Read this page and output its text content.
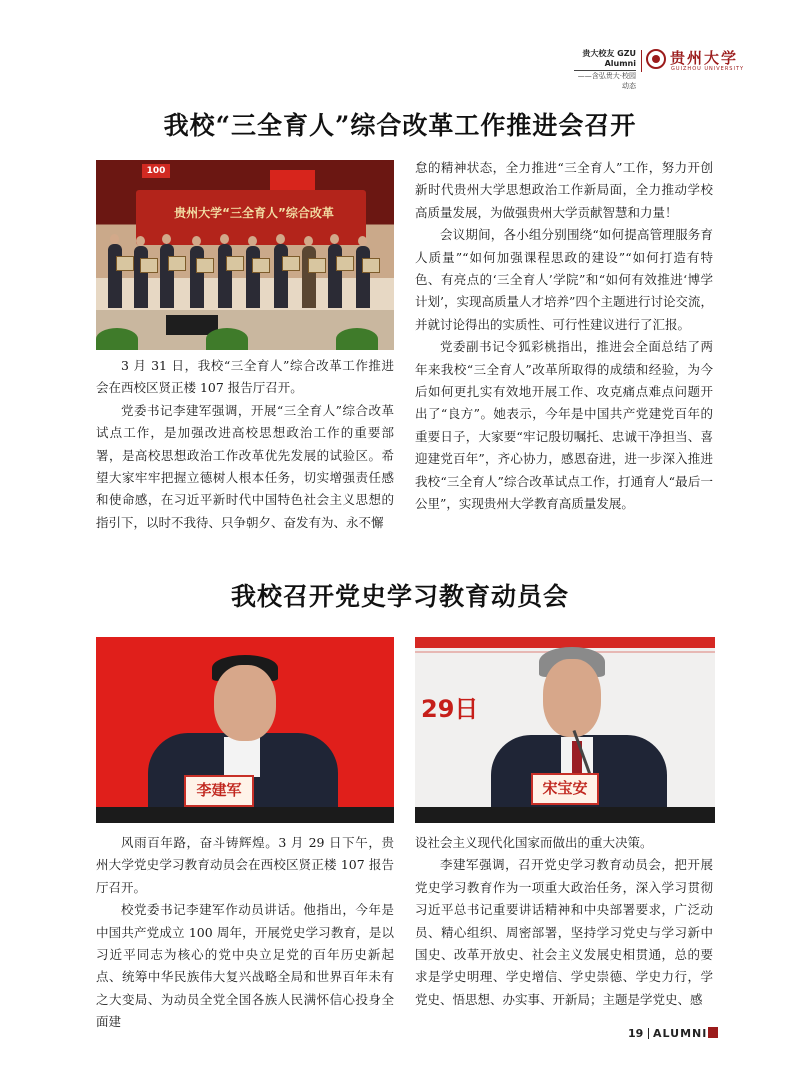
贵大校友 GZU Alumni
——含弘贵大·校园动态
贵州大学
GUIZHOU UNIVERSITY
我校“三全育人”综合改革工作推进会召开
100
贵州大学“三全育人”综合改革

3 月 31 日，我校“三全育人”综合改革工作推进会在西校区贤正楼 107 报告厅召开。

党委书记李建军强调，开展“三全育人”综合改革试点工作，是加强改进高校思想政治工作的重要部署，是高校思想政治工作改革优先发展的试验区。希望大家牢牢把握立德树人根本任务，切实增强责任感和使命感，在习近平新时代中国特色社会主义思想的指引下，以时不我待、只争朝夕、奋发有为、永不懈

怠的精神状态，全力推进“三全育人”工作，努力开创新时代贵州大学思想政治工作新局面，全力推动学校高质量发展，为做强贵州大学贡献智慧和力量！

会议期间，各小组分别围绕“如何提高管理服务育人质量”“如何加强课程思政的建设”“如何打造有特色、有亮点的‘三全育人’学院”和“如何有效推进‘博学计划’，实现高质量人才培养”四个主题进行讨论交流，并就讨论得出的实质性、可行性建议进行了汇报。

党委副书记令狐彩桃指出，推进会全面总结了两年来我校“三全育人”改革所取得的成绩和经验，为今后如何更扎实有效地开展工作、攻克痛点难点问题开出了“良方”。她表示，今年是中国共产党建党百年的重要日子，大家要“牢记殷切嘱托、忠诚干净担当、喜迎建党百年”，齐心协力，感恩奋进，进一步深入推进我校“三全育人”综合改革试点工作，打通育人“最后一公里”，实现贵州大学教育高质量发展。

我校召开党史学习教育动员会
李建军
29日
宋宝安

风雨百年路，奋斗铸辉煌。3 月 29 日下午，贵州大学党史学习教育动员会在西校区贤正楼 107 报告厅召开。

校党委书记李建军作动员讲话。他指出，今年是中国共产党成立 100 周年，开展党史学习教育，是以习近平同志为核心的党中央立足党的百年历史新起点、统筹中华民族伟大复兴战略全局和世界百年未有之大变局、为动员全党全国各族人民满怀信心投身全面建

设社会主义现代化国家而做出的重大决策。

李建军强调，召开党史学习教育动员会，把开展党史学习教育作为一项重大政治任务，深入学习贯彻习近平总书记重要讲话精神和中央部署要求，广泛动员、精心组织、周密部署，坚持学习党史与学习新中国史、改革开放史、社会主义发展史相贯通，总的要求是学史明理、学史增信、学史崇德、学史力行，学党史、悟思想、办实事、开新局；主题是学党史、感

19 ALUMNI
